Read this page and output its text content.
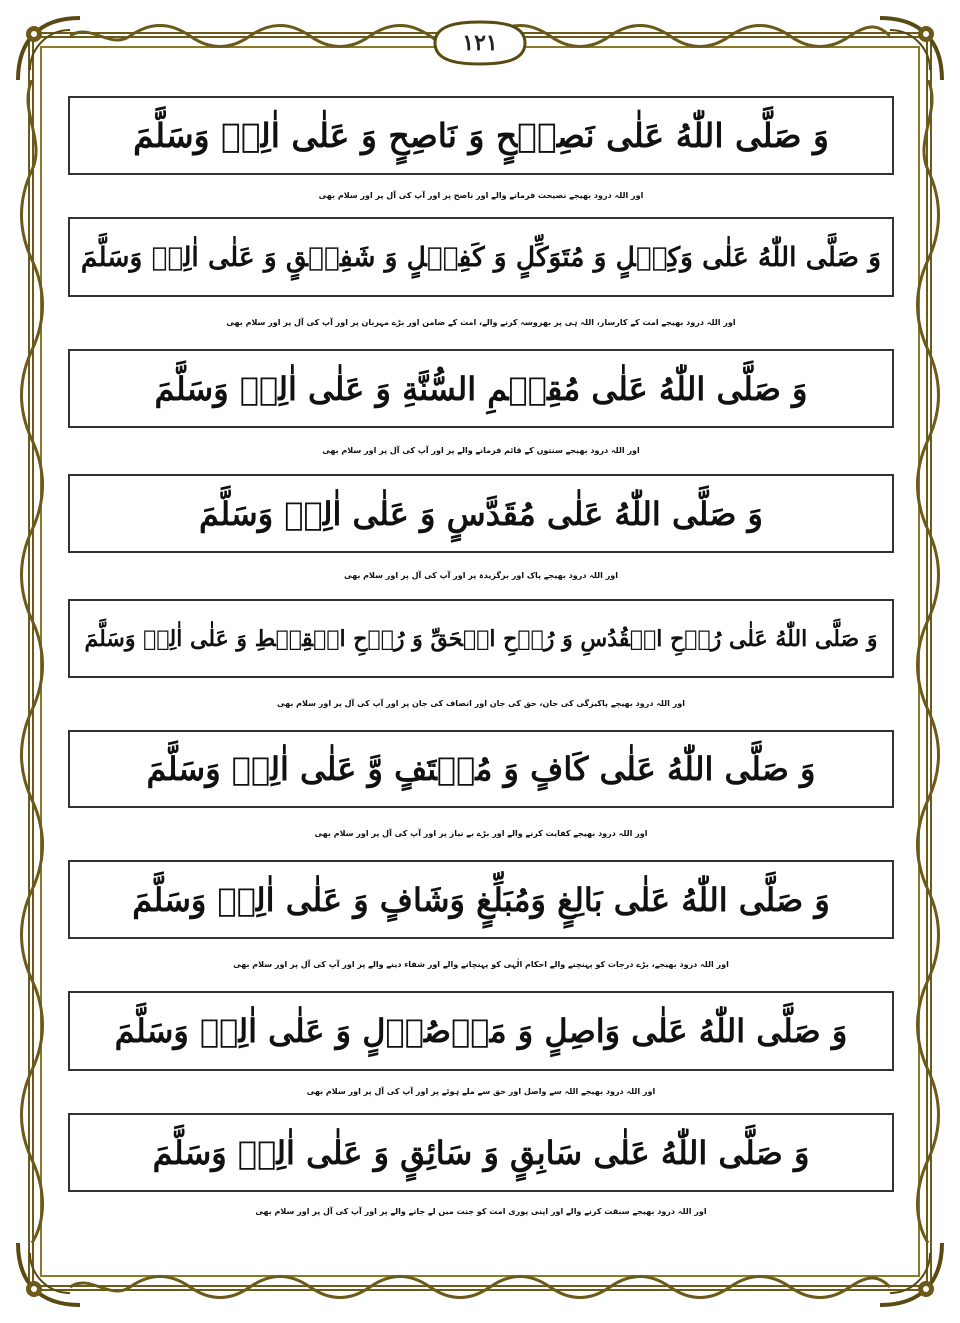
۱۲۱
وَ صَلَّى اللّٰهُ عَلٰى نَصِيۡحٍ وَ نَاصِحٍ وَ عَلٰى اٰلِهٖ وَسَلَّمَ
اور اللہ درود بھیجے نصیحت فرمانے والے اور ناصح پر اور آپ کی آل پر اور سلام بھی
وَ صَلَّى اللّٰهُ عَلٰى وَكِيۡلٍ وَ مُتَوَكِّلٍ وَ كَفِيۡلٍ وَ شَفِيۡقٍ وَ عَلٰى اٰلِهٖ وَسَلَّمَ
اور اللہ درود بھیجے امت کے کارساز، اللہ ہی پر بھروسہ کرنے والے، امت کے ضامن اور بڑے مہربان پر اور آپ کی آل پر اور سلام بھی
وَ صَلَّى اللّٰهُ عَلٰى مُقِيۡمِ السُّنَّةِ وَ عَلٰى اٰلِهٖ وَسَلَّمَ
اور اللہ درود بھیجے سنتوں کے قائم فرمانے والے پر اور آپ کی آل پر اور سلام بھی
وَ صَلَّى اللّٰهُ عَلٰى مُقَدَّسٍ وَ عَلٰى اٰلِهٖ وَسَلَّمَ
اور اللہ درود بھیجے پاک اور برگزیدہ پر اور آپ کی آل پر اور سلام بھی
وَ صَلَّى اللّٰهُ عَلٰى رُوۡحِ الۡقُدُسِ وَ رُوۡحِ الۡحَقِّ وَ رُوۡحِ الۡقِسۡطِ وَ عَلٰى اٰلِهٖ وَسَلَّمَ
اور اللہ درود بھیجے پاکیزگی کی جان، حق کی جان اور انصاف کی جان پر اور آپ کی آل پر اور سلام بھی
وَ صَلَّى اللّٰهُ عَلٰى كَافٍ وَ مُكۡتَفٍ وَّ عَلٰى اٰلِهٖ وَسَلَّمَ
اور اللہ درود بھیجے کفایت کرنے والے اور بڑے بے نیاز پر اور آپ کی آل پر اور سلام بھی
وَ صَلَّى اللّٰهُ عَلٰى بَالِغٍ وَمُبَلِّغٍ وَشَافٍ وَ عَلٰى اٰلِهٖ وَسَلَّمَ
اور اللہ درود بھیجے، بڑے درجات کو پہنچنے والے احکام الٰہی کو پہنچانے والے اور شفاء دینے والے پر اور آپ کی آل پر اور سلام بھی
وَ صَلَّى اللّٰهُ عَلٰى وَاصِلٍ وَ مَوۡصُوۡلٍ وَ عَلٰى اٰلِهٖ وَسَلَّمَ
اور اللہ درود بھیجے اللہ سے واصل اور حق سے ملے ہوئے پر اور آپ کی آل پر اور سلام بھی
وَ صَلَّى اللّٰهُ عَلٰى سَابِقٍ وَ سَائِقٍ وَ عَلٰى اٰلِهٖ وَسَلَّمَ
اور اللہ درود بھیجے سبقت کرنے والے اور اپنی پوری امت کو جنت میں لے جانے والے پر اور آپ کی آل پر اور سلام بھی
